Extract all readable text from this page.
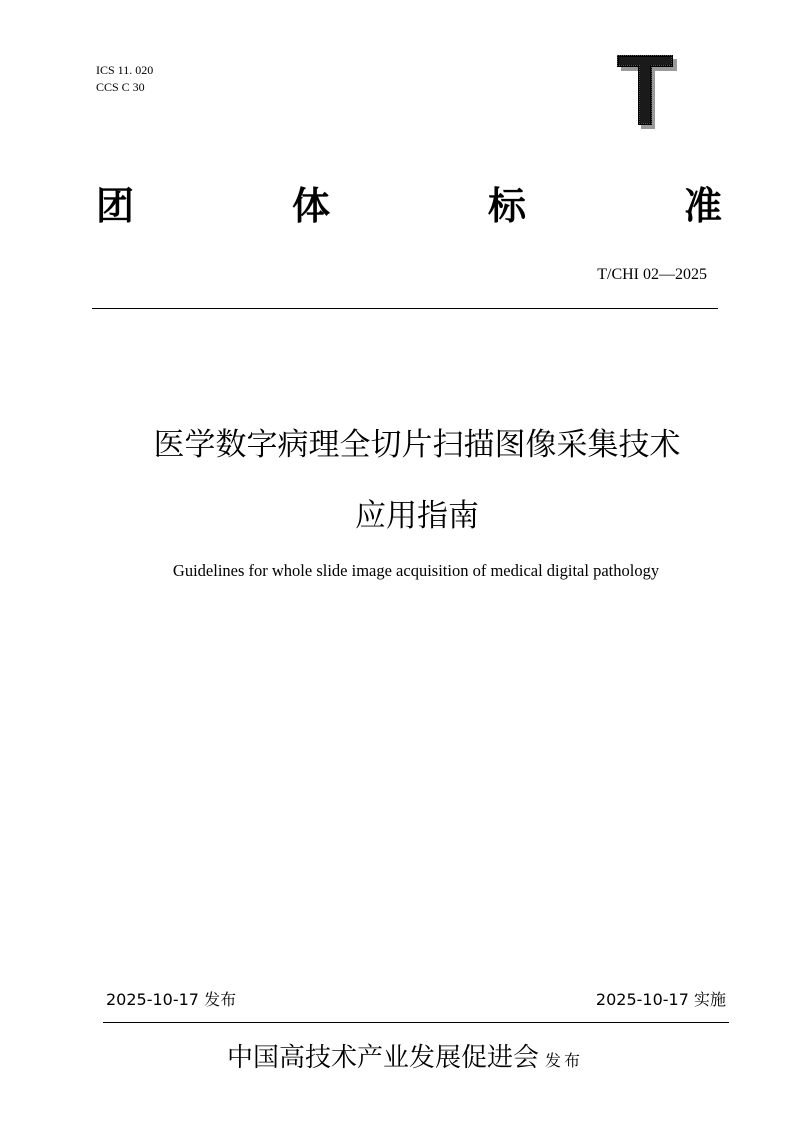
ICS 11. 020
CCS C 30
团	体	标	准
T/CHI 02—2025
医学数字病理全切片扫描图像采集技术
应用指南
Guidelines for whole slide image acquisition of medical digital pathology
2025-10-17 发布	2025-10-17 实施
中国高技术产业发展促进会 发布
